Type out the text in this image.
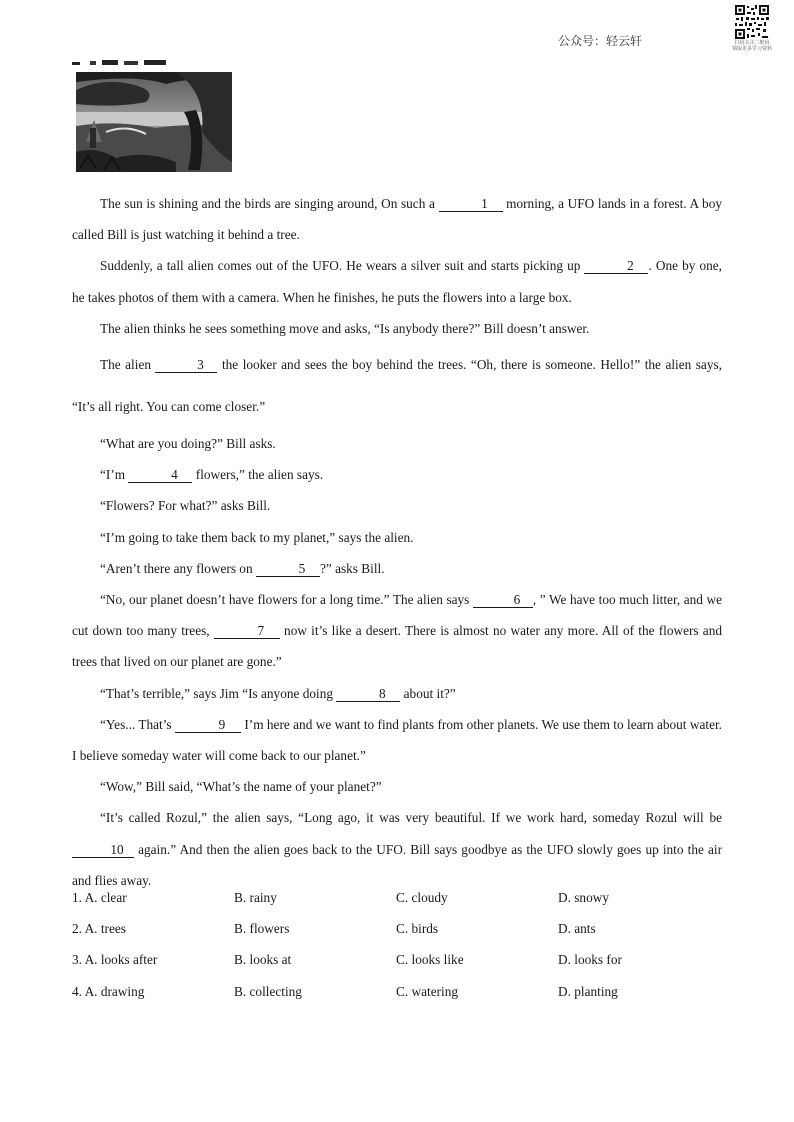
公众号：轻云轩	扫码关注二维码
领取更多学习资料

The sun is shining and the birds are singing around, On such a	1 morning, a UFO lands in a forest. A boy called Bill is just watching it behind a tree.

Suddenly, a tall alien comes out of the UFO. He wears a silver suit and starts picking up	2 . One by one, he takes photos of them with a camera. When he finishes, he puts the flowers into a large box.

The alien thinks he sees something move and asks, “Is anybody there?” Bill doesn’t answer.

The alien	3 the looker and sees the boy behind the trees. “Oh, there is someone. Hello!” the alien says, “It’s all right. You can come closer.”

“What are you doing?” Bill asks.

“I’m	4 flowers,” the alien says.

“Flowers? For what?” asks Bill.

“I’m going to take them back to my planet,” says the alien.

“Aren’t there any flowers on	5 ?” asks Bill.

“No, our planet doesn’t have flowers for a long time.” The alien says	6 , ” We have too much litter, and we cut down too many trees,	7 now it’s like a desert. There is almost no water any more. All of the flowers and trees that lived on our planet are gone.”

“That’s terrible,” says Jim “Is anyone doing	8 about it?”

“Yes... That’s	9 I’m here and we want to find plants from other planets. We use them to learn about water. I believe someday water will come back to our planet.”

“Wow,” Bill said, “What’s the name of your planet?”

“It’s called Rozul,” the alien says, “Long ago, it was very beautiful. If we work hard, someday Rozul will be 10 again.” And then the alien goes back to the UFO. Bill says goodbye as the UFO slowly goes up into the air and flies away.

1. A. clear	B. rainy	C. cloudy	D. snowy
2. A. trees	B. flowers	C. birds	D. ants
3. A. looks after	B. looks at	C. looks like	D. looks for
4. A. drawing	B. collecting	C. watering	D. planting
